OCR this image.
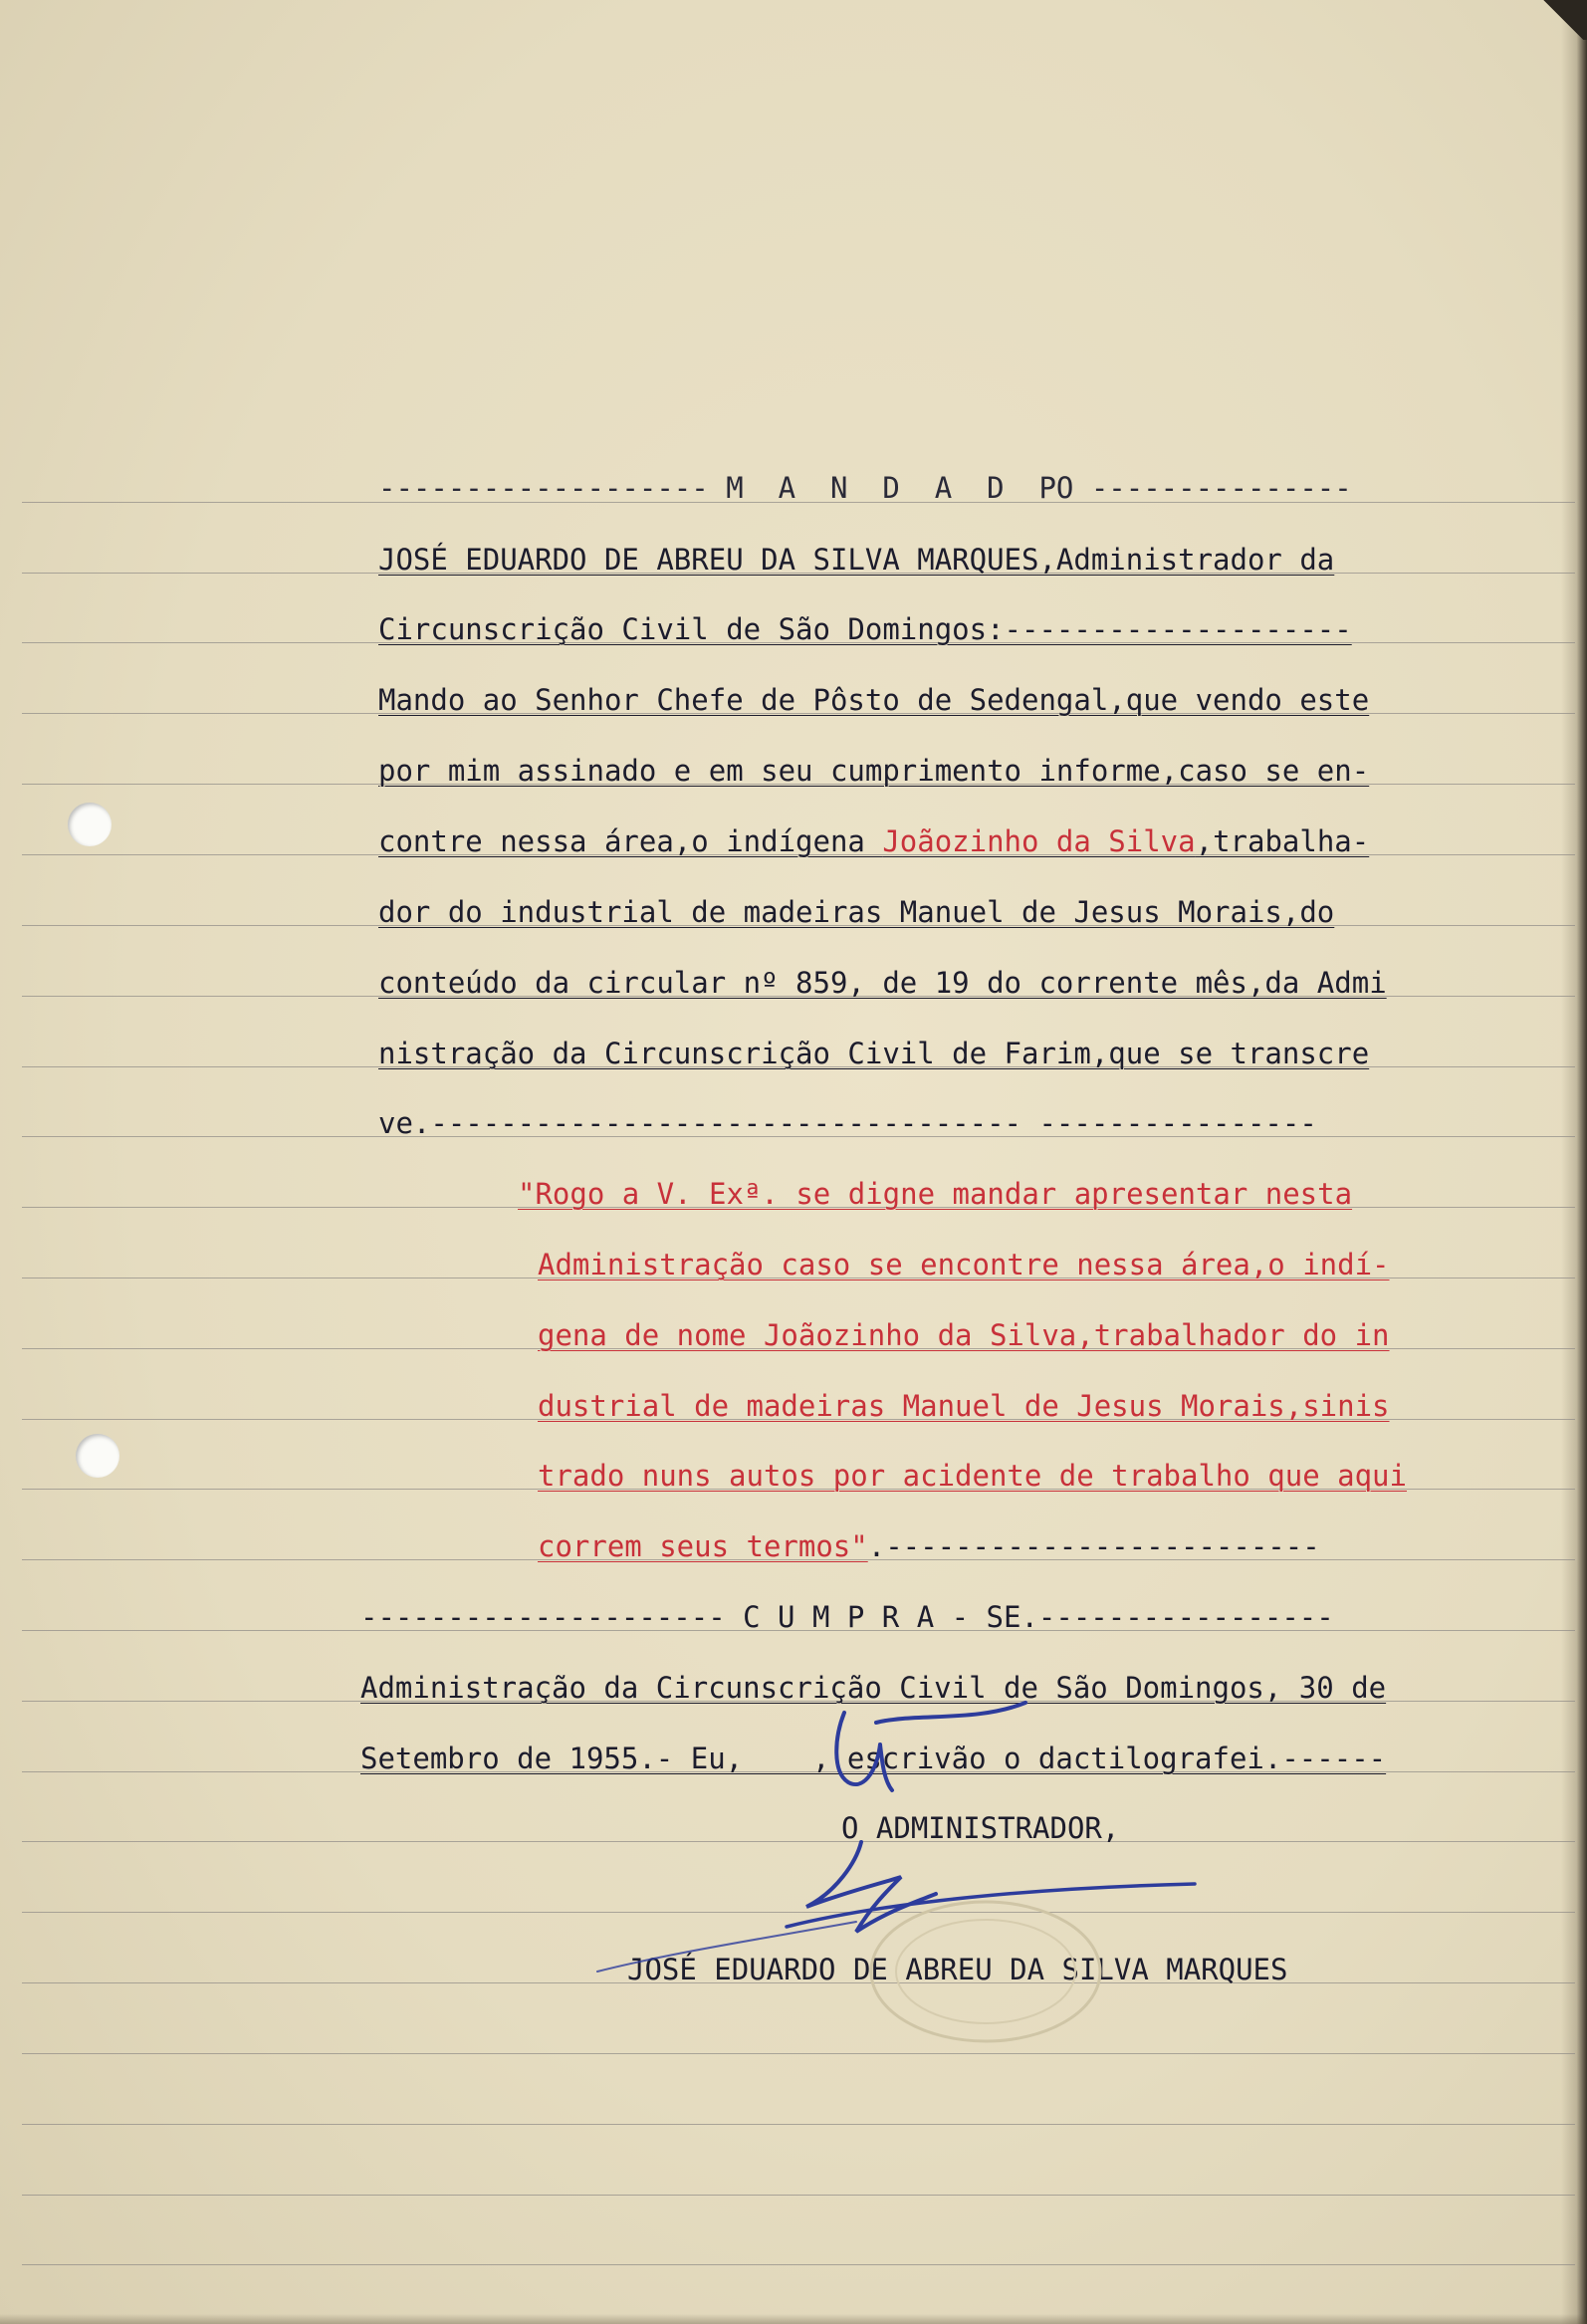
------------------- M  A  N  D  A  D  PO ---------------
JOSÉ EDUARDO DE ABREU DA SILVA MARQUES,Administrador da
Circunscrição Civil de São Domingos:--------------------
Mando ao Senhor Chefe de Pôsto de Sedengal,que vendo este
por mim assinado e em seu cumprimento informe,caso se en-
contre nessa área,o indígena Joãozinho da Silva,trabalha-
dor do industrial de madeiras Manuel de Jesus Morais,do
conteúdo da circular nº 859, de 19 do corrente mês,da Admi
nistração da Circunscrição Civil de Farim,que se transcre
ve.---------------------------------- ----------------
"Rogo a V. Exª. se digne mandar apresentar nesta
Administração caso se encontre nessa área,o indí-
gena de nome Joãozinho da Silva,trabalhador do in
dustrial de madeiras Manuel de Jesus Morais,sinis
trado nuns autos por acidente de trabalho que aqui
correm seus termos".-------------------------
--------------------- C U M P R A - SE.-----------------
Administração da Circunscrição Civil de São Domingos, 30 de
Setembro de 1955.- Eu,    , escrivão o dactilografei.------
O ADMINISTRADOR,
JOSÉ EDUARDO DE ABREU DA SILVA MARQUES
